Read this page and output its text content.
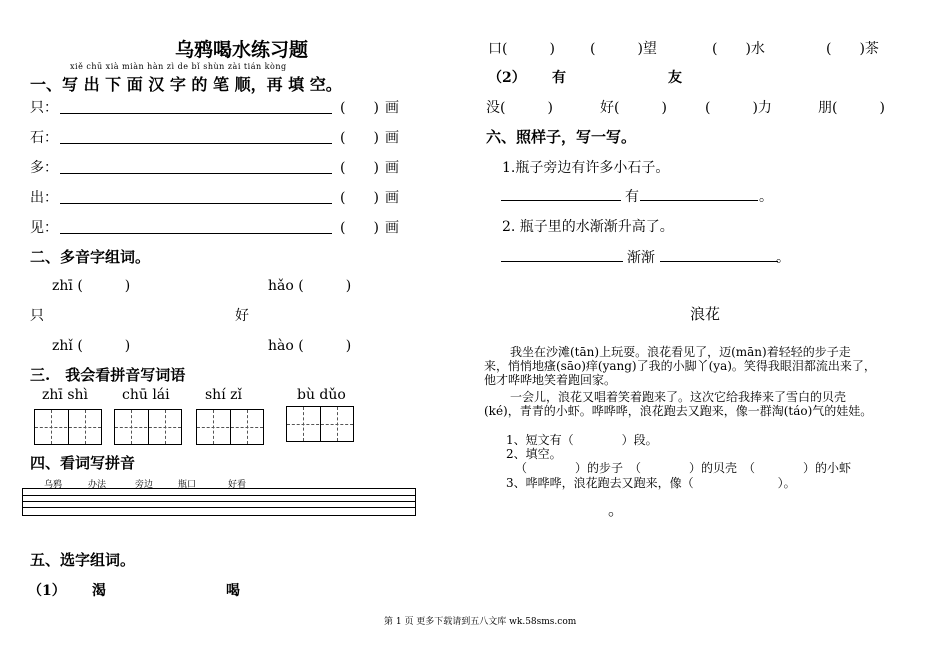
乌鸦喝水练习题
xiě chū xià miàn hàn zì de bǐ shùn zài tián kòng
一、写 出 下 面 汉 字 的 笔 顺，再 填 空。
只：	(　　) 画
石：	(　　) 画
多：	(　　) 画
出：	(　　) 画
见：	(　　) 画
二、多音字组词。
zhī (　　　)	hǎo (　　　)
只	好
zhǐ (　　　)	hào (　　　)
三.　我会看拼音写词语
zhī shì chū lái	shí zǐ	bù dǔo
四、看词写拼音
乌鸦	办法	旁边	瓶口	好看
五、选字组词。
（1） 渴	喝
口(　　　)	(　　　)望	(　　)水	(　　)茶
（2） 有	友
没(　　　)	好(　　　)	(　　　)力	朋(　　　)
六、照样子，写一写。
1.瓶子旁边有许多小石子。
有	。
2. 瓶子里的水渐渐升高了。
渐渐	。
浪花
我坐在沙滩(tān)上玩耍。浪花看见了，迈(mān)着轻轻的步子走
来，悄悄地瘙(sāo)痒(yang)了我的小脚丫(ya)。笑得我眼泪都流出来了，
他才哗哗地笑着跑回家。
一会儿，浪花又唱着笑着跑来了。这次它给我捧来了雪白的贝壳
(ké)，青青的小虾。哗哗哗，浪花跑去又跑来，像一群淘(táo)气的娃娃。
1、短文有（　　　　）段。
2、填空。
（　　　　）的步子　（　　　　）的贝壳　（　　　　）的小虾
3、哗哗哗，浪花跑去又跑来，像（　　　　　　　）。
。
第 1 页 更多下载请到五八文库 wk.58sms.com
